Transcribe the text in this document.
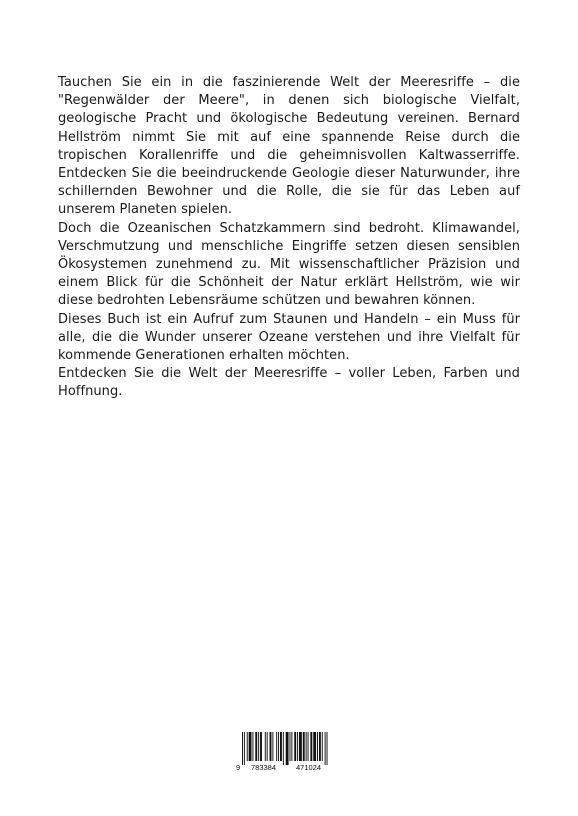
Tauchen Sie ein in die faszinierende Welt der Meeresriffe – die "Regenwälder der Meere", in denen sich biologische Vielfalt, geologische Pracht und ökologische Bedeutung vereinen. Bernard Hellström nimmt Sie mit auf eine spannende Reise durch die tropischen Korallenriffe und die geheimnisvollen Kaltwasserriffe. Entdecken Sie die beeindruckende Geologie dieser Naturwunder, ihre schillernden Bewohner und die Rolle, die sie für das Leben auf unserem Planeten spielen.

Doch die Ozeanischen Schatzkammern sind bedroht. Klimawandel, Verschmutzung und menschliche Eingriffe setzen diesen sensiblen Ökosystemen zunehmend zu. Mit wissenschaftlicher Präzision und einem Blick für die Schönheit der Natur erklärt Hellström, wie wir diese bedrohten Lebensräume schützen und bewahren können.

Dieses Buch ist ein Aufruf zum Staunen und Handeln – ein Muss für alle, die die Wunder unserer Ozeane verstehen und ihre Vielfalt für kommende Generationen erhalten möchten.

Entdecken Sie die Welt der Meeresriffe – voller Leben, Farben und Hoffnung.

9 783384	471024
